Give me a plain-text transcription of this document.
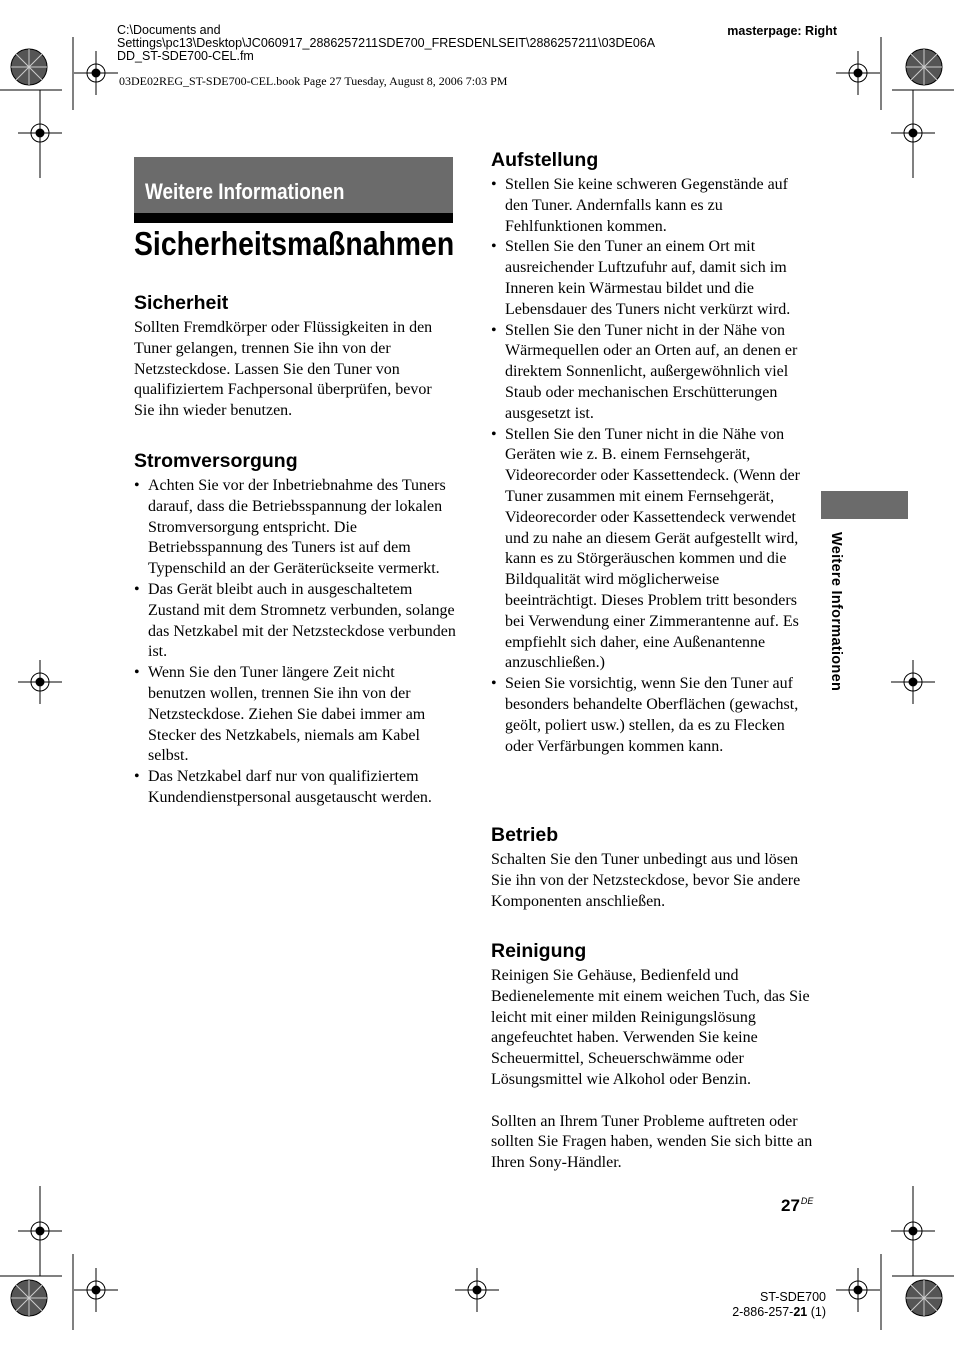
C:\Documents and
Settings\pc13\Desktop\JC060917_2886257211SDE700_FRESDENLSEIT\2886257211\03DE06A
DD_ST-SDE700-CEL.fm
masterpage: Right
03DE02REG_ST-SDE700-CEL.book Page 27 Tuesday, August 8, 2006 7:03 PM
Weitere Informationen
Sicherheitsmaßnahmen
Sicherheit

Sollten Fremdkörper oder Flüssigkeiten in den Tuner gelangen, trennen Sie ihn von der Netzsteckdose. Lassen Sie den Tuner von qualifiziertem Fachpersonal überprüfen, bevor Sie ihn wieder benutzen.

Stromversorgung
• Achten Sie vor der Inbetriebnahme des Tuners darauf, dass die Betriebsspannung der lokalen Stromversorgung entspricht. Die Betriebsspannung des Tuners ist auf dem Typenschild an der Geräterückseite vermerkt.
• Das Gerät bleibt auch in ausgeschaltetem Zustand mit dem Stromnetz verbunden, solange das Netzkabel mit der Netzsteckdose verbunden ist.
• Wenn Sie den Tuner längere Zeit nicht benutzen wollen, trennen Sie ihn von der Netzsteckdose. Ziehen Sie dabei immer am Stecker des Netzkabels, niemals am Kabel selbst.
• Das Netzkabel darf nur von qualifiziertem Kundendienstpersonal ausgetauscht werden.
Aufstellung
• Stellen Sie keine schweren Gegenstände auf den Tuner. Andernfalls kann es zu Fehlfunktionen kommen.
• Stellen Sie den Tuner an einem Ort mit ausreichender Luftzufuhr auf, damit sich im Inneren kein Wärmestau bildet und die Lebensdauer des Tuners nicht verkürzt wird.
• Stellen Sie den Tuner nicht in der Nähe von Wärmequellen oder an Orten auf, an denen er direktem Sonnenlicht, außergewöhnlich viel Staub oder mechanischen Erschütterungen ausgesetzt ist.
• Stellen Sie den Tuner nicht in die Nähe von Geräten wie z. B. einem Fernsehgerät, Videorecorder oder Kassettendeck. (Wenn der Tuner zusammen mit einem Fernsehgerät, Videorecorder oder Kassettendeck verwendet und zu nahe an diesem Gerät aufgestellt wird, kann es zu Störgeräuschen kommen und die Bildqualität wird möglicherweise beeinträchtigt. Dieses Problem tritt besonders bei Verwendung einer Zimmerantenne auf. Es empfiehlt sich daher, eine Außenantenne anzuschließen.)
• Seien Sie vorsichtig, wenn Sie den Tuner auf besonders behandelte Oberflächen (gewachst, geölt, poliert usw.) stellen, da es zu Flecken oder Verfärbungen kommen kann.
Betrieb

Schalten Sie den Tuner unbedingt aus und lösen Sie ihn von der Netzsteckdose, bevor Sie andere Komponenten anschließen.

Reinigung

Reinigen Sie Gehäuse, Bedienfeld und Bedienelemente mit einem weichen Tuch, das Sie leicht mit einer milden Reinigungslösung angefeuchtet haben. Verwenden Sie keine Scheuermittel, Scheuerschwämme oder Lösungsmittel wie Alkohol oder Benzin.

Sollten an Ihrem Tuner Probleme auftreten oder sollten Sie Fragen haben, wenden Sie sich bitte an Ihren Sony-Händler.

Weitere Informationen
27DE
ST-SDE700
2-886-257-21 (1)
